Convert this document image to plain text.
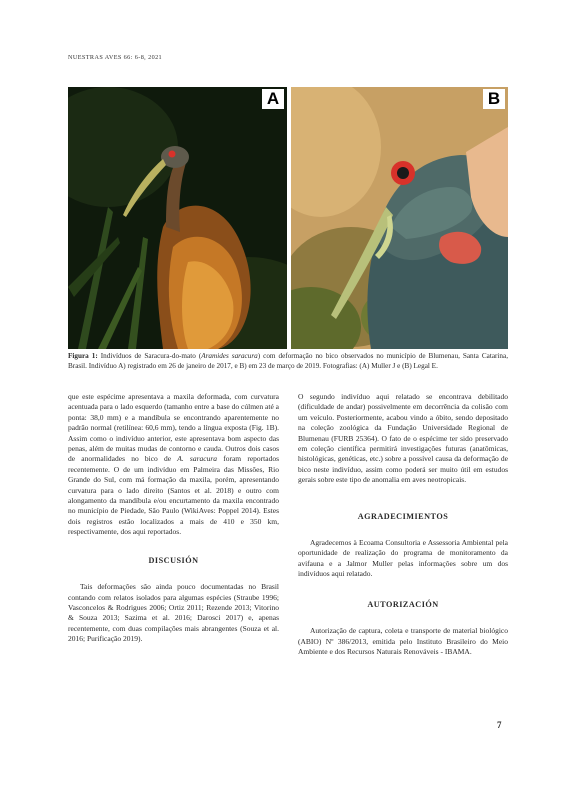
NUESTRAS AVES 66: 6-8, 2021
A	B
Figura 1: Indivíduos de Saracura-do-mato (Aramides saracura) com deformação no bico observados no município de Blumenau, Santa Catarina, Brasil. Indivíduo A) registrado em 26 de janeiro de 2017, e B) em 23 de março de 2019. Fotografias: (A) Muller J e (B) Legal E.

que este espécime apresentava a maxila deformada, com curvatura acentuada para o lado esquerdo (tamanho entre a base do cúlmen até a ponta: 38,0 mm) e a mandíbula se encontrando aparentemente no padrão normal (retilínea: 60,6 mm), tendo a língua exposta (Fig. 1B). Assim como o indivíduo anterior, este apresentava bom aspecto das penas, além de muitas mudas de contorno e cauda. Outros dois casos de anormalidades no bico de A. saracura foram reportados recentemente. O de um indivíduo em Palmeira das Missões, Rio Grande do Sul, com má formação da maxila, porém, apresentando curvatura para o lado direito (Santos et al. 2018) e outro com alongamento da mandíbula e/ou encurtamento da maxila encontrado no município de Piedade, São Paulo (WikiAves: Poppel 2014). Estes dois registros estão localizados a mais de 410 e 350 km, respectivamente, dos aqui reportados.

DISCUSIÓN

Tais deformações são ainda pouco documentadas no Brasil contando com relatos isolados para algumas espécies (Straube 1996; Vasconcelos & Rodrigues 2006; Ortiz 2011; Rezende 2013; Vitorino & Souza 2013; Sazima et al. 2016; Darosci 2017) e, apenas recentemente, com duas compilações mais abrangentes (Souza et al. 2016; Purificação 2019).

O segundo indivíduo aqui relatado se encontrava debilitado (dificuldade de andar) possivelmente em decorrência da colisão com um veículo. Posteriormente, acabou vindo a óbito, sendo depositado na coleção zoológica da Fundação Universidade Regional de Blumenau (FURB 25364). O fato de o espécime ter sido preservado em coleção científica permitirá investigações futuras (anatômicas, histológicas, genéticas, etc.) sobre a possível causa da deformação de bico neste indivíduo, assim como poderá ser muito útil em estudos gerais sobre este tipo de anomalia em aves neotropicais.

AGRADECIMIENTOS

Agradecemos à Ecoama Consultoria e Assessoria Ambiental pela oportunidade de realização do programa de monitoramento da avifauna e a Jalmor Muller pelas informações sobre um dos indivíduos aqui relatado.

AUTORIZACIÓN

Autorização de captura, coleta e transporte de material biológico (ABIO) Nº 386/2013, emitida pelo Instituto Brasileiro do Meio Ambiente e dos Recursos Naturais Renováveis - IBAMA.

7
